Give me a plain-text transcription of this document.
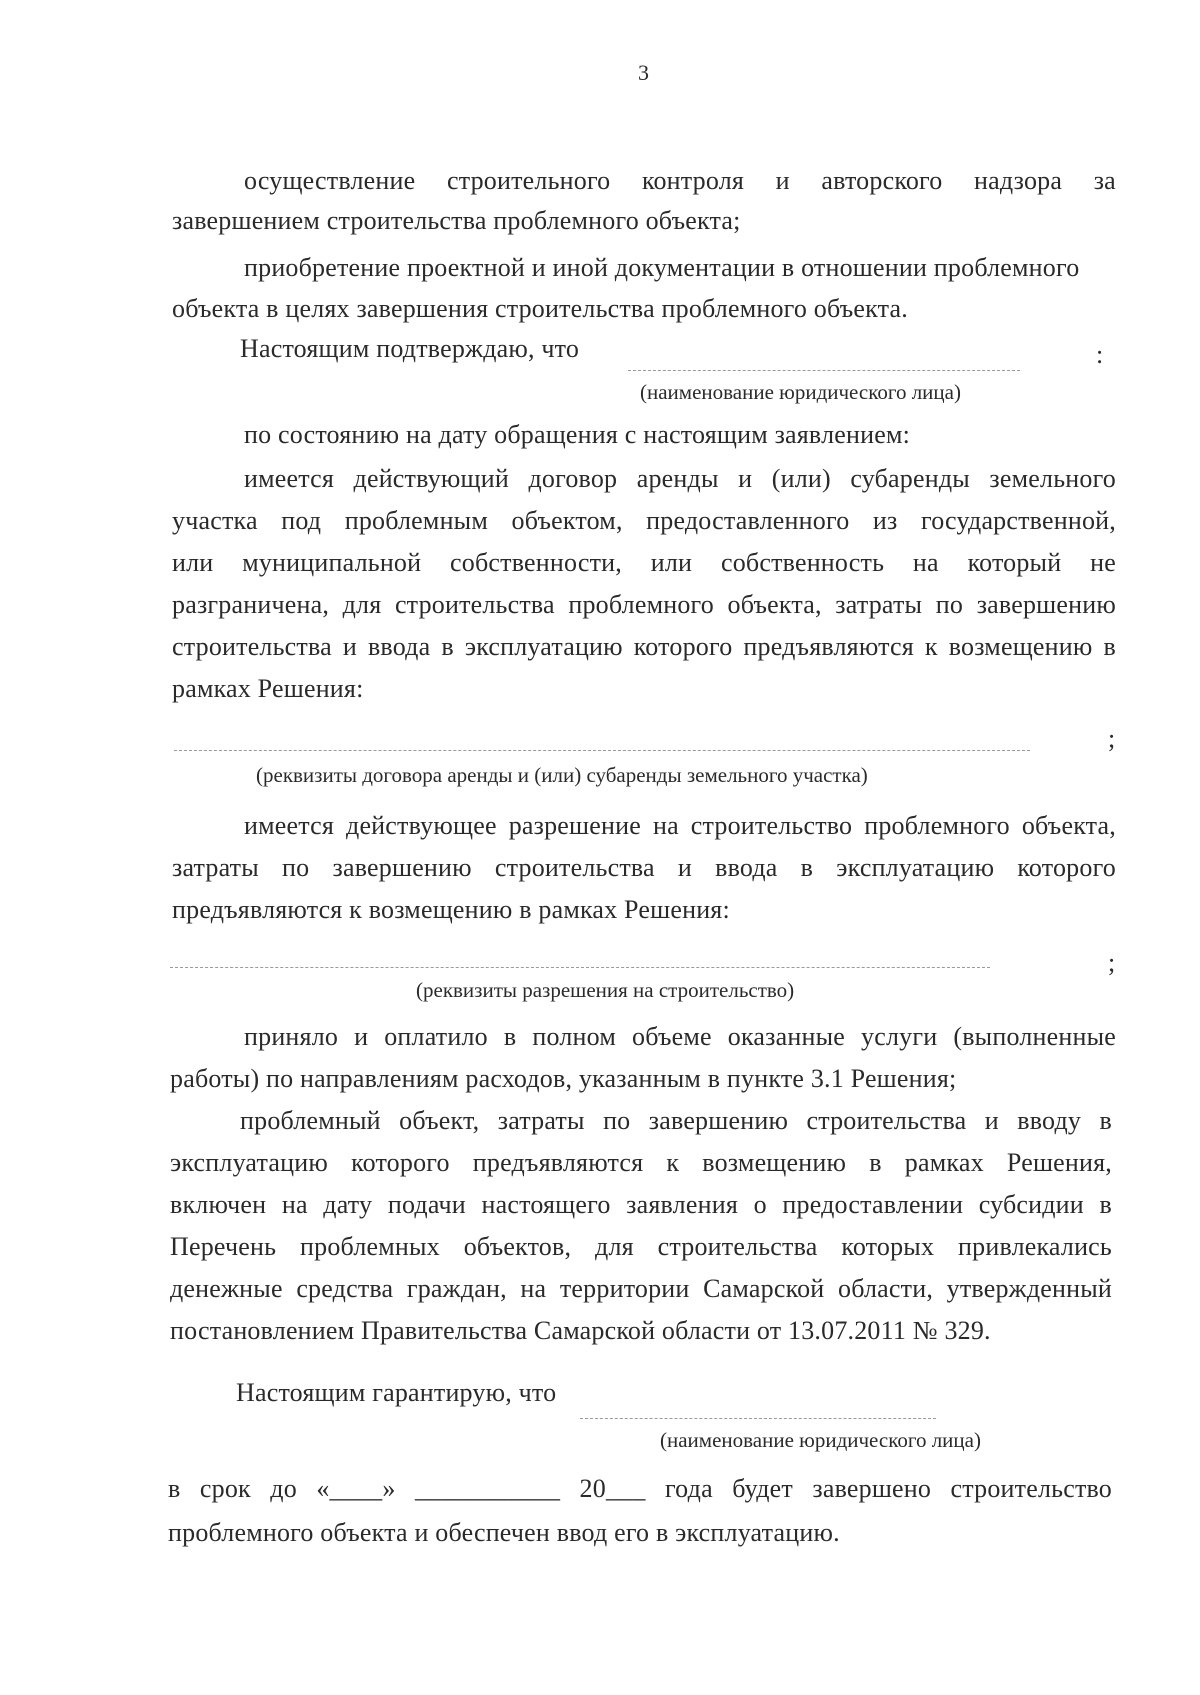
3
осуществление строительного контроля и авторского надзора за
завершением строительства проблемного объекта;
приобретение проектной и иной документации в отношении проблемного
объекта в целях завершения строительства проблемного объекта.
Настоящим подтверждаю, что	:
(наименование юридического лица)
по состоянию на дату обращения с настоящим заявлением:
имеется действующий договор аренды и (или) субаренды земельного
участка под проблемным объектом, предоставленного из государственной,
или муниципальной собственности, или собственность на который не
разграничена, для строительства проблемного объекта, затраты по завершению
строительства и ввода в эксплуатацию которого предъявляются к возмещению в
рамках Решения:
;
(реквизиты договора аренды и (или) субаренды земельного участка)
имеется действующее разрешение на строительство проблемного объекта,
затраты по завершению строительства и ввода в эксплуатацию которого
предъявляются к возмещению в рамках Решения:
;
(реквизиты разрешения на строительство)
приняло и оплатило в полном объеме оказанные услуги (выполненные
работы) по направлениям расходов, указанным в пункте 3.1 Решения;
проблемный объект, затраты по завершению строительства и вводу в
эксплуатацию которого предъявляются к возмещению в рамках Решения,
включен на дату подачи настоящего заявления о предоставлении субсидии в
Перечень проблемных объектов, для строительства которых привлекались
денежные средства граждан, на территории Самарской области, утвержденный
постановлением Правительства Самарской области от 13.07.2011 № 329.
Настоящим гарантирую, что
(наименование юридического лица)
в срок до «____» ___________ 20___ года будет завершено строительство
проблемного объекта и обеспечен ввод его в эксплуатацию.
